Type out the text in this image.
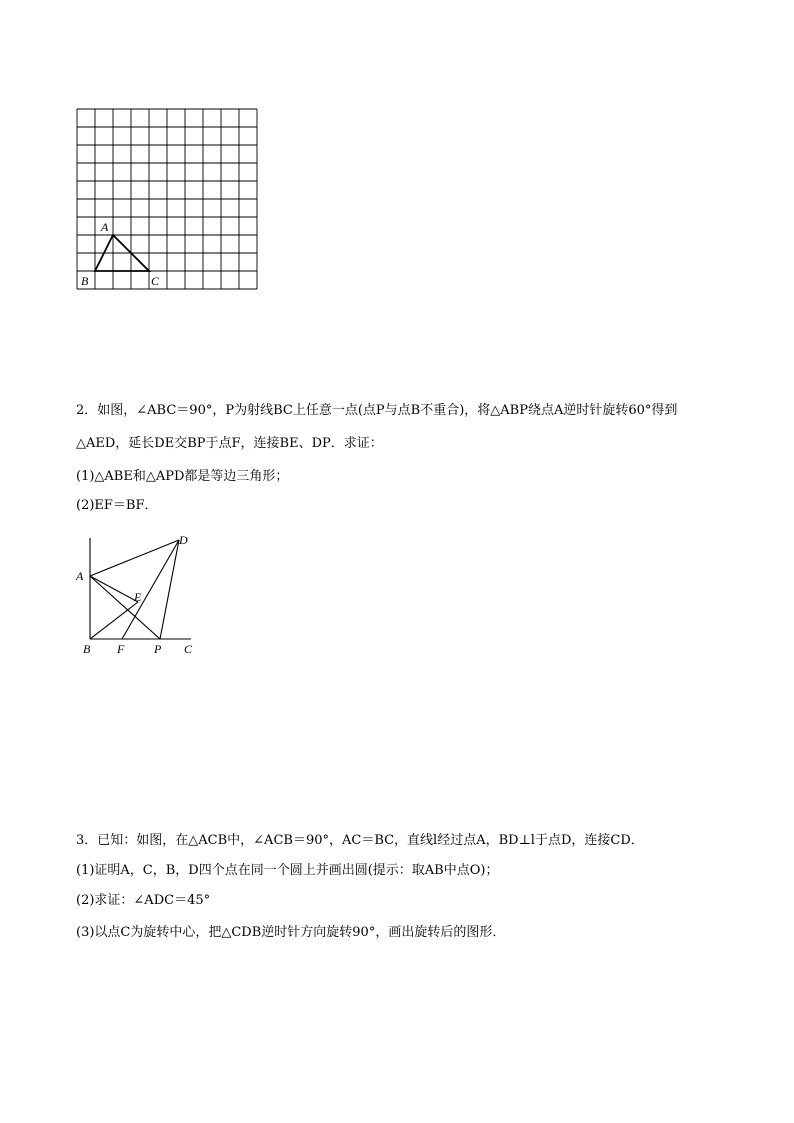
A
B	C
2．如图，∠ABC＝90°，P为射线BC上任意一点(点P与点B不重合)，将△ABP绕点A逆时针旋转60°得到
△AED，延长DE交BP于点F，连接BE、DP．求证：
(1)△ABE和△APD都是等边三角形；
(2)EF＝BF．
D
A
E
B F P C
3．已知：如图，在△ACB中，∠ACB＝90°，AC＝BC，直线l经过点A，BD⊥l于点D，连接CD．
(1)证明A，C，B，D四个点在同一个圆上并画出圆(提示：取AB中点O)；
(2)求证：∠ADC＝45°
(3)以点C为旋转中心，把△CDB逆时针方向旋转90°，画出旋转后的图形．
